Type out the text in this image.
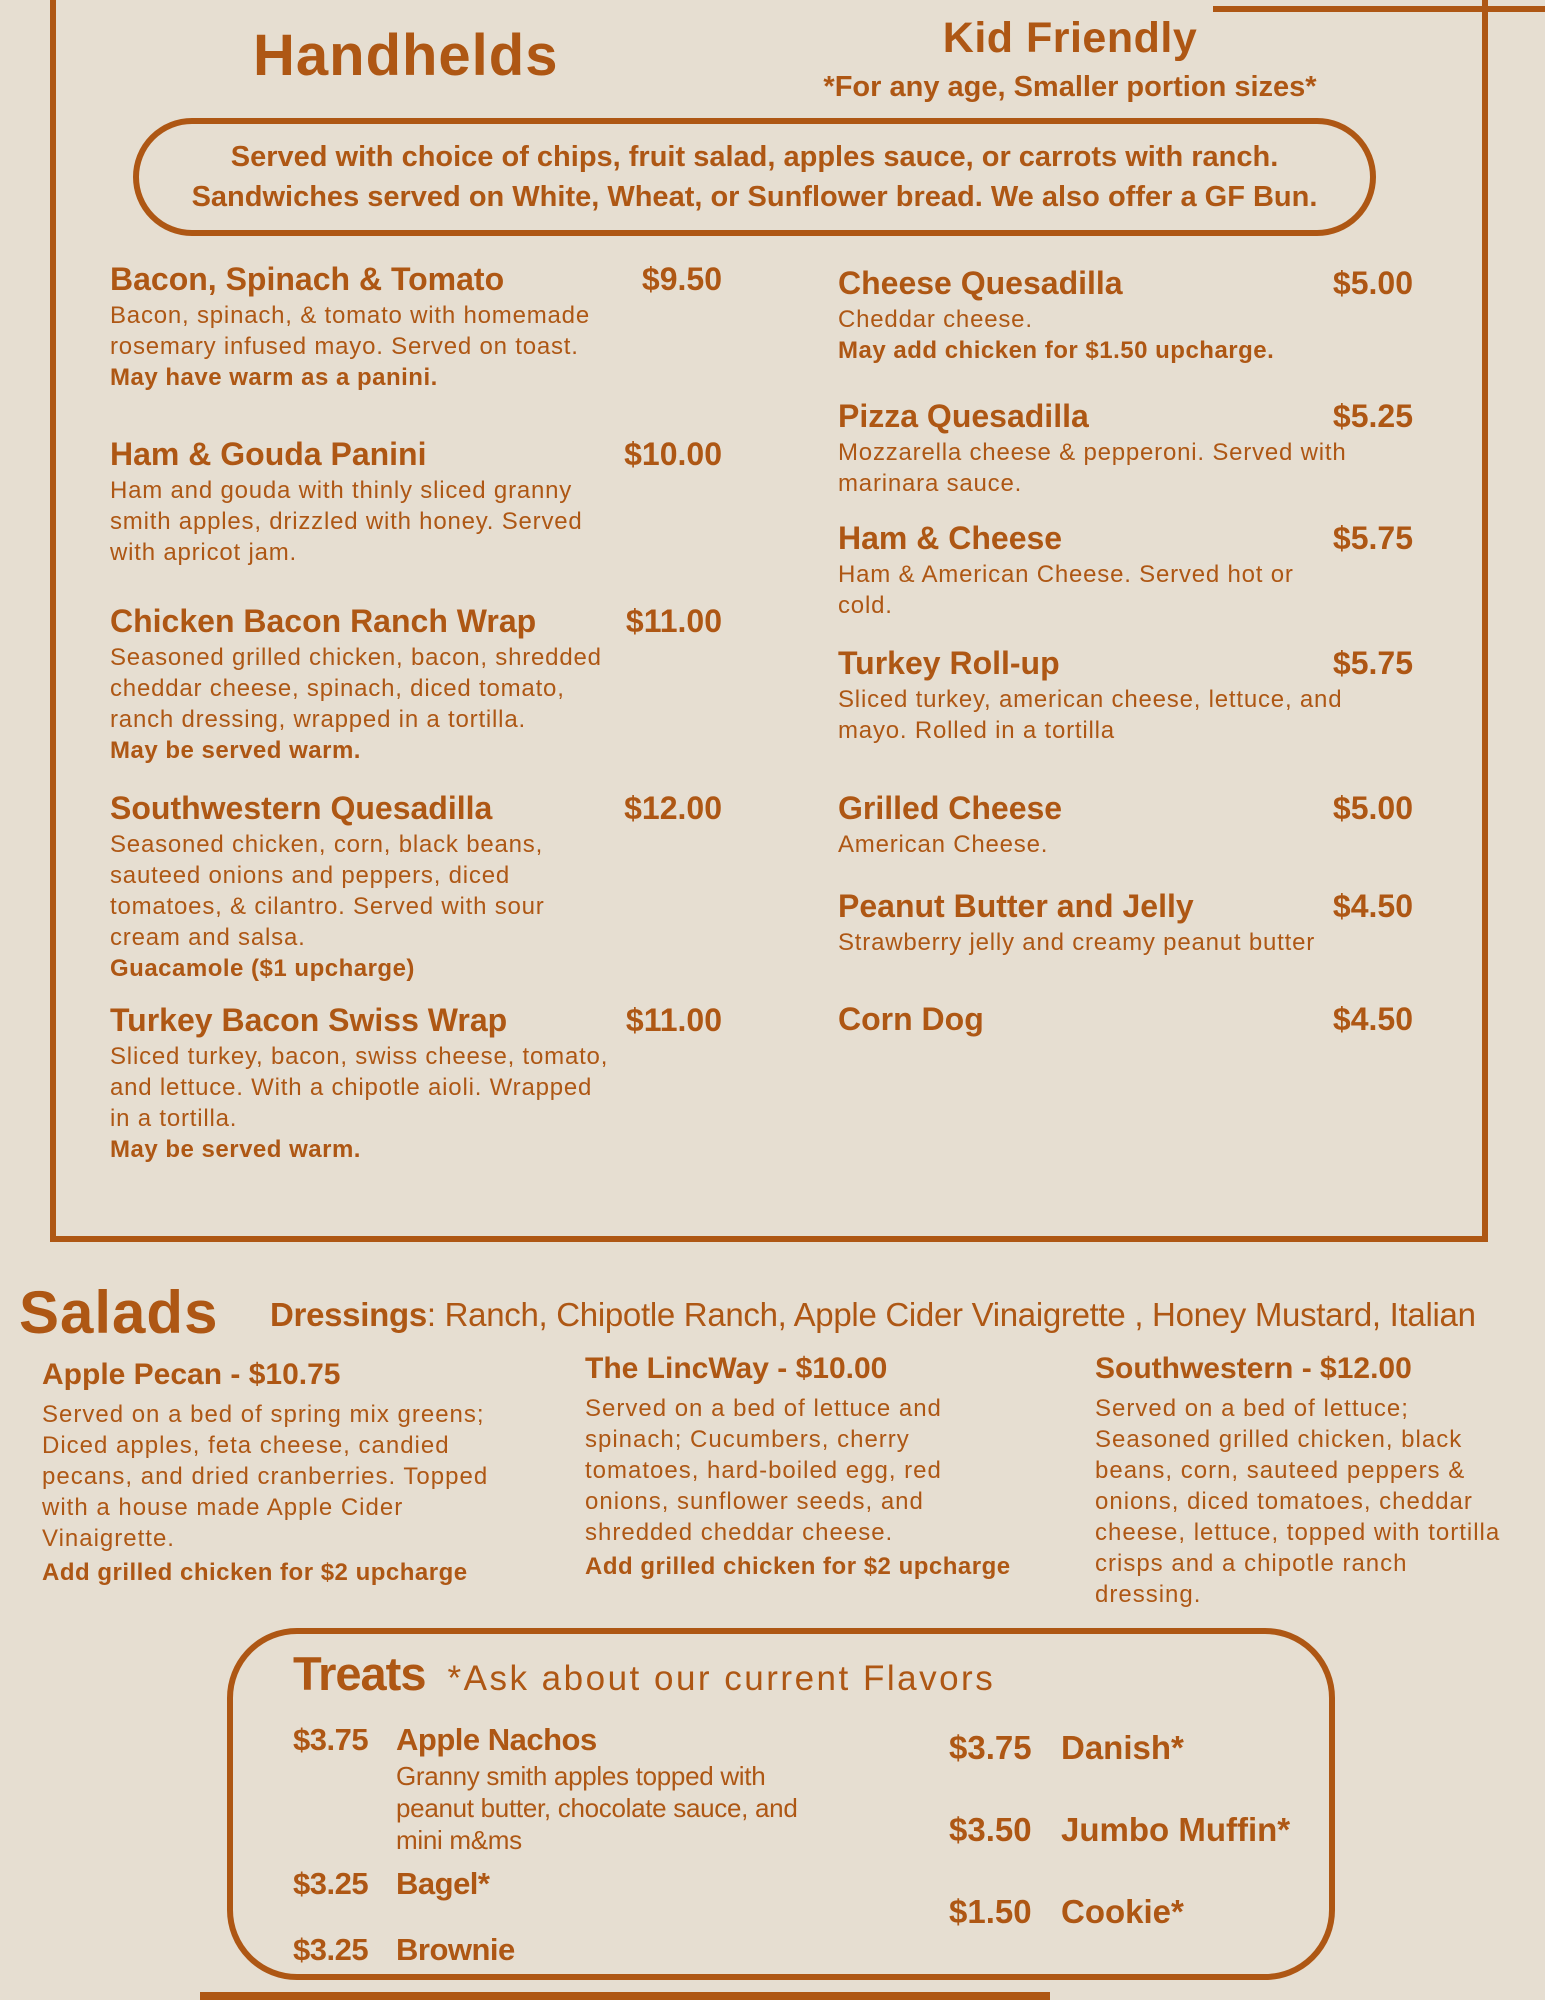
Handhelds	Kid Friendly
*For any age, Smaller portion sizes*
Served with choice of chips, fruit salad, apples sauce, or carrots with ranch.
Sandwiches served on White, Wheat, or Sunflower bread. We also offer a GF Bun.
Bacon, Spinach & Tomato	$9.50
Bacon, spinach, & tomato with homemade rosemary infused mayo. Served on toast.
May have warm as a panini.
Ham & Gouda Panini	$10.00
Ham and gouda with thinly sliced granny smith apples, drizzled with honey. Served with apricot jam.
Chicken Bacon Ranch Wrap	$11.00
Seasoned grilled chicken, bacon, shredded cheddar cheese, spinach, diced tomato, ranch dressing, wrapped in a tortilla.
May be served warm.
Southwestern Quesadilla	$12.00
Seasoned chicken, corn, black beans, sauteed onions and peppers, diced tomatoes, & cilantro. Served with sour cream and salsa.
Guacamole ($1 upcharge)
Turkey Bacon Swiss Wrap	$11.00
Sliced turkey, bacon, swiss cheese, tomato, and lettuce. With a chipotle aioli. Wrapped in a tortilla.
May be served warm.
Cheese Quesadilla	$5.00
Cheddar cheese.
May add chicken for $1.50 upcharge.
Pizza Quesadilla	$5.25
Mozzarella cheese & pepperoni. Served with marinara sauce.
Ham & Cheese	$5.75
Ham & American Cheese. Served hot or cold.
Turkey Roll-up	$5.75
Sliced turkey, american cheese, lettuce, and mayo. Rolled in a tortilla
Grilled Cheese	$5.00
American Cheese.
Peanut Butter and Jelly	$4.50
Strawberry jelly and creamy peanut butter
Corn Dog	$4.50
Salads Dressings: Ranch, Chipotle Ranch, Apple Cider Vinaigrette , Honey Mustard, Italian
Apple Pecan - $10.75
Served on a bed of spring mix greens; Diced apples, feta cheese, candied pecans, and dried cranberries. Topped with a house made Apple Cider Vinaigrette.
Add grilled chicken for $2 upcharge
The LincWay - $10.00
Served on a bed of lettuce and spinach; Cucumbers, cherry tomatoes, hard-boiled egg, red onions, sunflower seeds, and shredded cheddar cheese.
Add grilled chicken for $2 upcharge
Southwestern - $12.00
Served on a bed of lettuce; Seasoned grilled chicken, black beans, corn, sauteed peppers & onions, diced tomatoes, cheddar cheese, lettuce, topped with tortilla crisps and a chipotle ranch dressing.
Treats *Ask about our current Flavors
$3.75 Apple Nachos
Granny smith apples topped with peanut butter, chocolate sauce, and mini m&ms
$3.25 Bagel*
$3.25 Brownie
$3.75 Danish*
$3.50 Jumbo Muffin*
$1.50 Cookie*
